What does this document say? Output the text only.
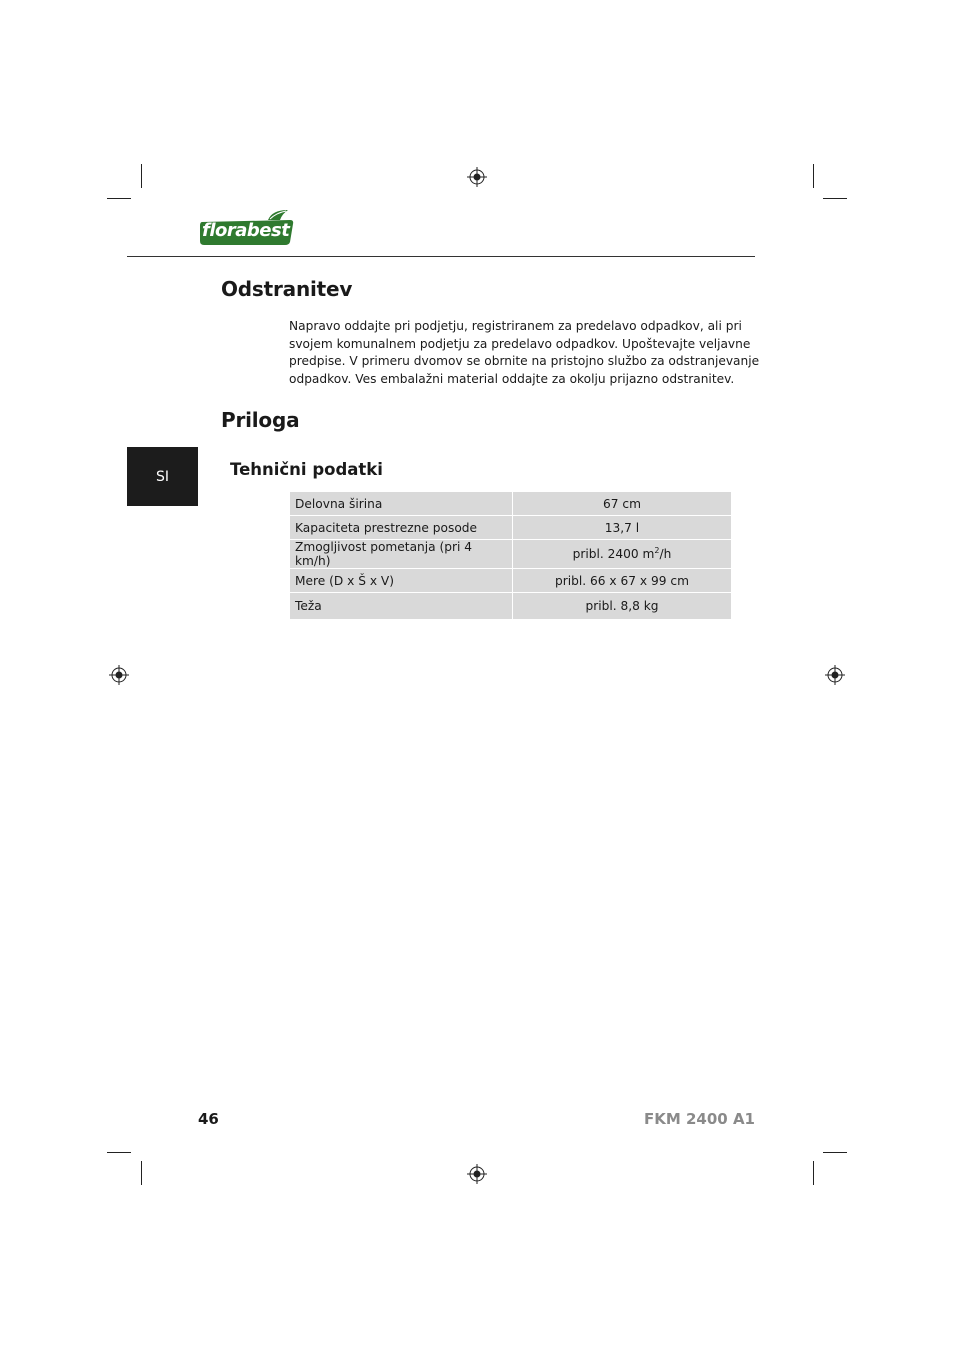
florabest
Odstranitev
Napravo oddajte pri podjetju, registriranem za predelavo odpadkov, ali pri
svojem komunalnem podjetju za predelavo odpadkov. Upoštevajte veljavne
predpise. V primeru dvomov se obrnite na pristojno službo za odstranjevanje
odpadkov. Ves embalažni material oddajte za okolju prijazno odstranitev.
Priloga
SI	Tehnični podatki
Delovna širina	67 cm
Kapaciteta prestrezne posode	13,7 l
Zmogljivost pometanja (pri 4 km/h)	pribl. 2400 $m^2/h$
Mere (D x Š x V)	pribl. 66 x 67 x 99 cm
Teža	pribl. 8,8 kg
46	FKM 2400 A1
